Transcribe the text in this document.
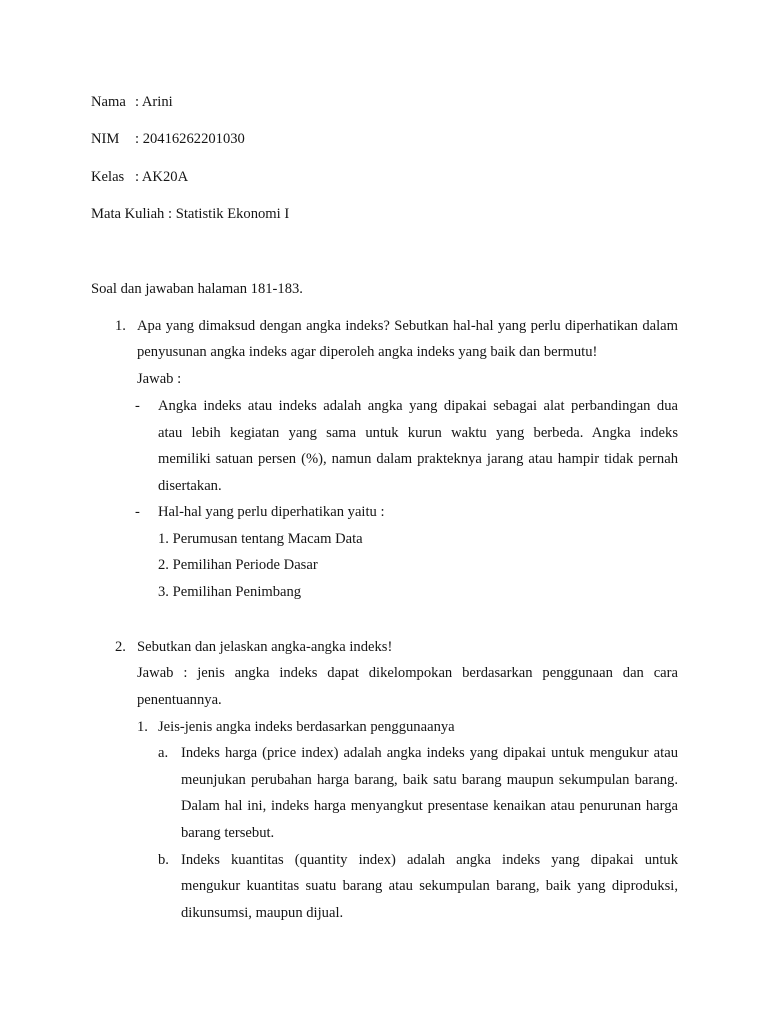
Nama : Arini
NIM : 20416262201030
Kelas : AK20A
Mata Kuliah : Statistik Ekonomi I
Soal dan jawaban halaman 181-183.
1. Apa yang dimaksud dengan angka indeks? Sebutkan hal-hal yang perlu diperhatikan dalam
penyusunan angka indeks agar diperoleh angka indeks yang baik dan bermutu!
Jawab :
- Angka indeks atau indeks adalah angka yang dipakai sebagai alat perbandingan dua
atau lebih kegiatan yang sama untuk kurun waktu yang berbeda. Angka indeks
memiliki satuan persen (%), namun dalam prakteknya jarang atau hampir tidak pernah
disertakan.
- Hal-hal yang perlu diperhatikan yaitu :
1. Perumusan tentang Macam Data
2. Pemilihan Periode Dasar
3. Pemilihan Penimbang
2. Sebutkan dan jelaskan angka-angka indeks!
Jawab : jenis angka indeks dapat dikelompokan berdasarkan penggunaan dan cara
penentuannya.
1. Jeis-jenis angka indeks berdasarkan penggunaanya
a. Indeks harga (price index) adalah angka indeks yang dipakai untuk mengukur atau
meunjukan perubahan harga barang, baik satu barang maupun sekumpulan barang.
Dalam hal ini, indeks harga menyangkut presentase kenaikan atau penurunan harga
barang tersebut.
b. Indeks kuantitas (quantity index) adalah angka indeks yang dipakai untuk
mengukur kuantitas suatu barang atau sekumpulan barang, baik yang diproduksi,
dikunsumsi, maupun dijual.
